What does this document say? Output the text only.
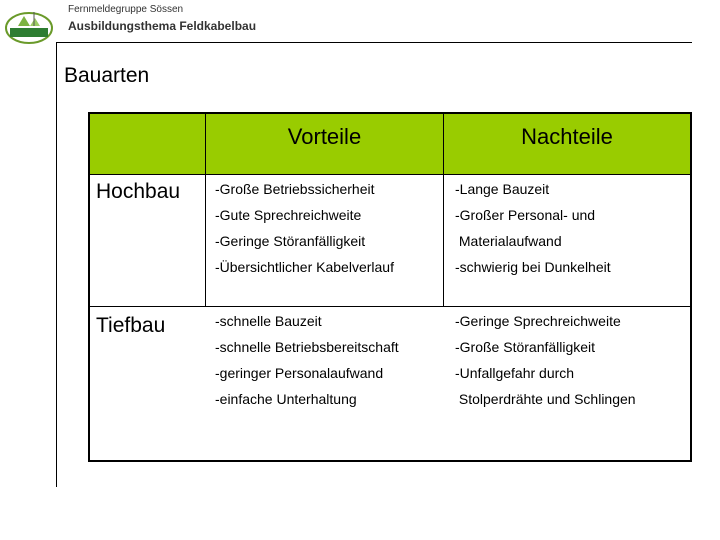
Fernmeldegruppe Sössen
Ausbildungsthema Feldkabelbau
Bauarten
Vorteile	Nachteile
Hochbau -Große Betriebssicherheit
-Gute Sprechreichweite
-Geringe Störanfälligkeit
-Übersichtlicher Kabelverlauf
-Lange Bauzeit
-Großer Personal- und
Materialaufwand
-schwierig bei Dunkelheit
Tiefbau	-schnelle Bauzeit
-schnelle Betriebsbereitschaft
-geringer Personalaufwand
-einfache Unterhaltung
-Geringe Sprechreichweite
-Große Störanfälligkeit
-Unfallgefahr durch
Stolperdrähte und Schlingen
